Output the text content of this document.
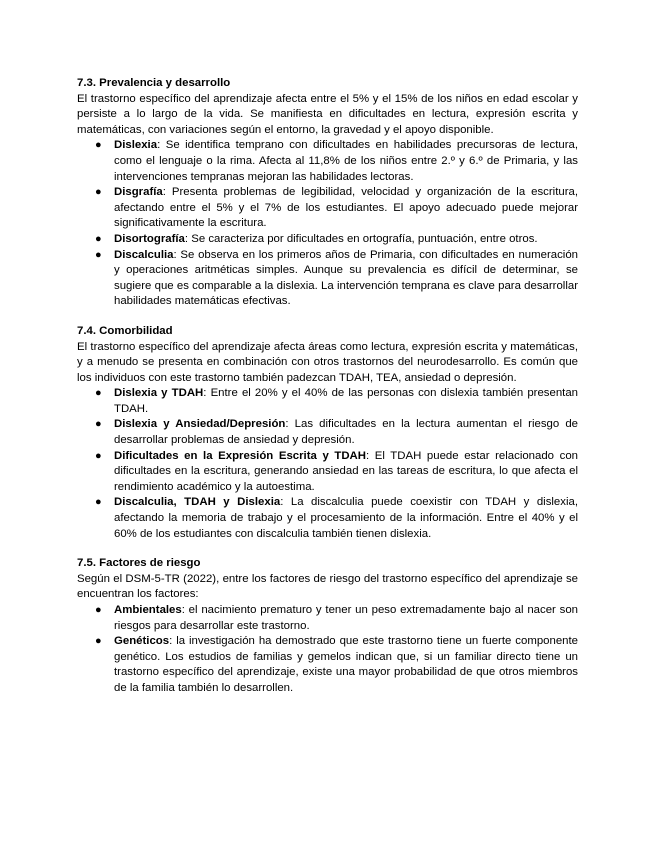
7.3. Prevalencia y desarrollo

El trastorno específico del aprendizaje afecta entre el 5% y el 15% de los niños en edad escolar y persiste a lo largo de la vida. Se manifiesta en dificultades en lectura, expresión escrita y matemáticas, con variaciones según el entorno, la gravedad y el apoyo disponible.

● Dislexia: Se identifica temprano con dificultades en habilidades precursoras de lectura, como el lenguaje o la rima. Afecta al 11,8% de los niños entre 2.º y 6.º de Primaria, y las intervenciones tempranas mejoran las habilidades lectoras.
● Disgrafía: Presenta problemas de legibilidad, velocidad y organización de la escritura, afectando entre el 5% y el 7% de los estudiantes. El apoyo adecuado puede mejorar significativamente la escritura.
● Disortografía: Se caracteriza por dificultades en ortografía, puntuación, entre otros.
● Discalculia: Se observa en los primeros años de Primaria, con dificultades en numeración y operaciones aritméticas simples. Aunque su prevalencia es difícil de determinar, se sugiere que es comparable a la dislexia. La intervención temprana es clave para desarrollar habilidades matemáticas efectivas.
7.4. Comorbilidad

El trastorno específico del aprendizaje afecta áreas como lectura, expresión escrita y matemáticas, y a menudo se presenta en combinación con otros trastornos del neurodesarrollo. Es común que los individuos con este trastorno también padezcan TDAH, TEA, ansiedad o depresión.

● Dislexia y TDAH: Entre el 20% y el 40% de las personas con dislexia también presentan TDAH.
● Dislexia y Ansiedad/Depresión: Las dificultades en la lectura aumentan el riesgo de desarrollar problemas de ansiedad y depresión.
● Dificultades en la Expresión Escrita y TDAH: El TDAH puede estar relacionado con dificultades en la escritura, generando ansiedad en las tareas de escritura, lo que afecta el rendimiento académico y la autoestima.
● Discalculia, TDAH y Dislexia: La discalculia puede coexistir con TDAH y dislexia, afectando la memoria de trabajo y el procesamiento de la información. Entre el 40% y el 60% de los estudiantes con discalculia también tienen dislexia.
7.5. Factores de riesgo

Según el DSM-5-TR (2022), entre los factores de riesgo del trastorno específico del aprendizaje se encuentran los factores:

● Ambientales: el nacimiento prematuro y tener un peso extremadamente bajo al nacer son riesgos para desarrollar este trastorno.
● Genéticos: la investigación ha demostrado que este trastorno tiene un fuerte componente genético. Los estudios de familias y gemelos indican que, si un familiar directo tiene un trastorno específico del aprendizaje, existe una mayor probabilidad de que otros miembros de la familia también lo desarrollen.
